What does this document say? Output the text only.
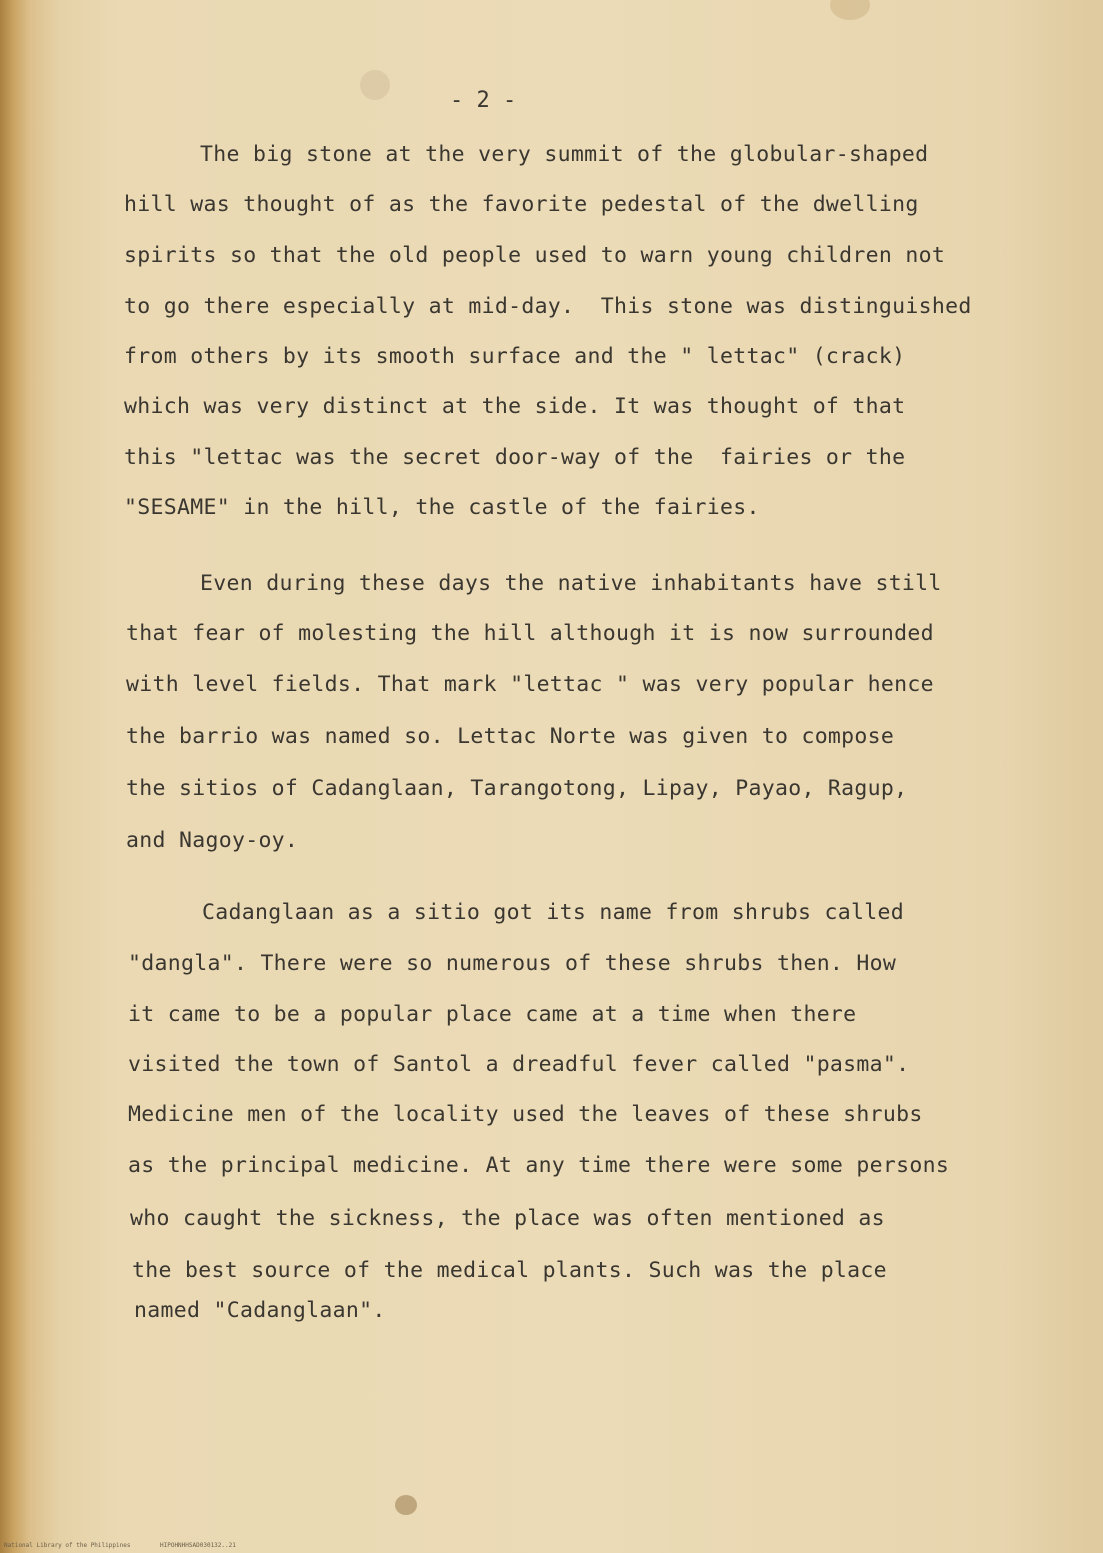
- 2 -
The big stone at the very summit of the globular-shaped
hill was thought of as the favorite pedestal of the dwelling
spirits so that the old people used to warn young children not
to go there especially at mid-day.  This stone was distinguished
from others by its smooth surface and the " lettac" (crack)
which was very distinct at the side. It was thought of that
this "lettac was the secret door-way of the  fairies or the
"SESAME" in the hill, the castle of the fairies.
Even during these days the native inhabitants have still
that fear of molesting the hill although it is now surrounded
with level fields. That mark "lettac " was very popular hence
the barrio was named so. Lettac Norte was given to compose
the sitios of Cadanglaan, Tarangotong, Lipay, Payao, Ragup,
and Nagoy-oy.
Cadanglaan as a sitio got its name from shrubs called
"dangla". There were so numerous of these shrubs then. How
it came to be a popular place came at a time when there
visited the town of Santol a dreadful fever called "pasma".
Medicine men of the locality used the leaves of these shrubs
as the principal medicine. At any time there were some persons
who caught the sickness, the place was often mentioned as
the best source of the medical plants. Such was the place
named "Cadanglaan".
National Library of the Philippines	HIPOHNHHSAD030132..21
